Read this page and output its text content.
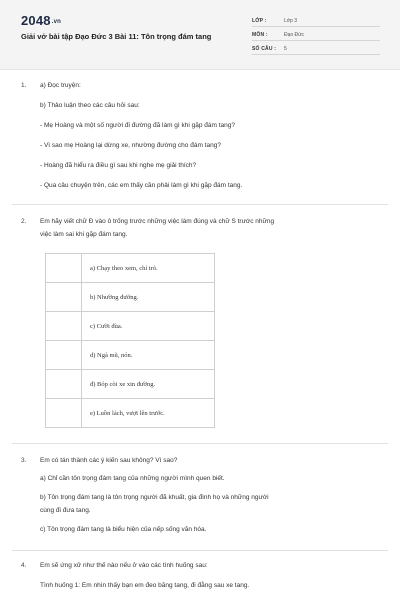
2048.vn
Giải vở bài tập Đạo Đức 3 Bài 11: Tôn trọng đám tang
LỚP :	Lớp 3
MÔN :	Đạo Đức
SỐ CÂU : 5
1. a) Đọc truyện:
b) Thảo luận theo các câu hỏi sau:
- Mẹ Hoàng và một số người đi đường đã làm gì khi gặp đám tang?
- Vì sao mẹ Hoàng lại dừng xe, nhường đường cho đám tang?
- Hoàng đã hiểu ra điều gì sau khi nghe mẹ giải thích?
- Qua câu chuyện trên, các em thấy cần phải làm gì khi gặp đám tang.
2. Em hãy viết chữ Đ vào ô trống trước những việc làm đúng và chữ S trước những
việc làm sai khi gặp đám tang.
	a) Chạy theo xem, chỉ trỏ.
	b) Nhường đường.
	c) Cười đùa.
	d) Ngả mũ, nón.
	đ) Bóp còi xe xin đường.
	e) Luồn lách, vượt lên trước.
3. Em có tán thành các ý kiến sau không? Vì sao?
a) Chỉ cần tôn trọng đám tang của những người mình quen biết.
b) Tôn trọng đám tang là tôn trọng người đã khuất, gia đình họ và những người
cùng đi đưa tang.
c) Tôn trọng đám tang là biểu hiện của nếp sống văn hóa.
4. Em sẽ ứng xử như thế nào nếu ở vào các tình huống sau:
Tình huống 1: Em nhìn thấy bạn em đeo băng tang, đi đằng sau xe tang.
